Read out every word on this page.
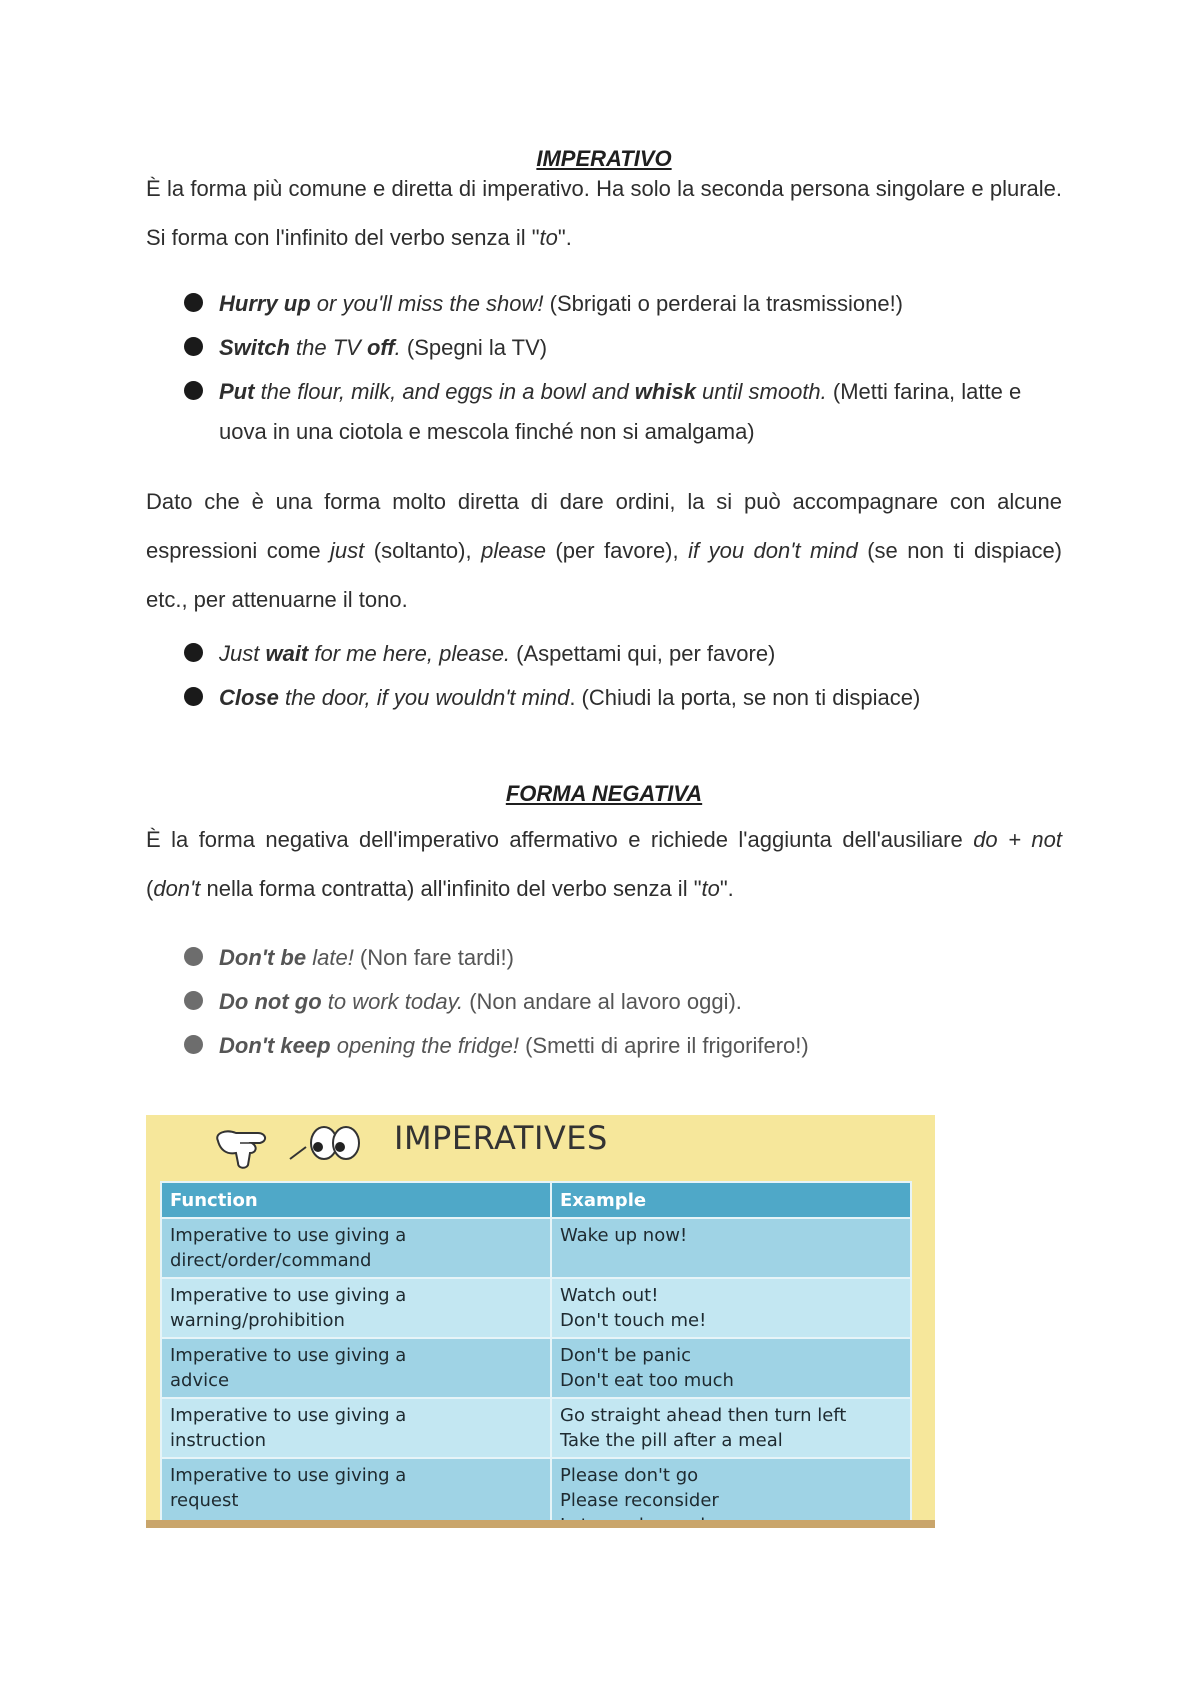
IMPERATIVO

È la forma più comune e diretta di imperativo. Ha solo la seconda persona singolare e plurale. Si forma con l'infinito del verbo senza il "to".

Hurry up or you'll miss the show! (Sbrigati o perderai la trasmissione!)
Switch the TV off. (Spegni la TV)
Put the flour, milk, and eggs in a bowl and whisk until smooth. (Metti farina, latte e uova in una ciotola e mescola finché non si amalgama)

Dato che è una forma molto diretta di dare ordini, la si può accompagnare con alcune espressioni come just (soltanto), please (per favore), if you don't mind (se non ti dispiace) etc., per attenuarne il tono.

Just wait for me here, please. (Aspettami qui, per favore)
Close the door, if you wouldn't mind. (Chiudi la porta, se non ti dispiace)
FORMA NEGATIVA

È la forma negativa dell'imperativo affermativo e richiede l'aggiunta dell'ausiliare do + not (don't nella forma contratta) all'infinito del verbo senza il "to".

Don't be late! (Non fare tardi!)
Do not go to work today. (Non andare al lavoro oggi).
Don't keep opening the fridge! (Smetti di aprire il frigorifero!)
IMPERATIVES
Function	Example

Imperative to use giving a
direct/order/command	Wake up now!

Imperative to use giving a
warning/prohibition	Watch out!
Don't touch me!

Imperative to use giving a
advice	Don't be panic
Don't eat too much

Imperative to use giving a
instruction	Go straight ahead then turn left
Take the pill after a meal

Imperative to use giving a
request	Please don't go
Please reconsider
